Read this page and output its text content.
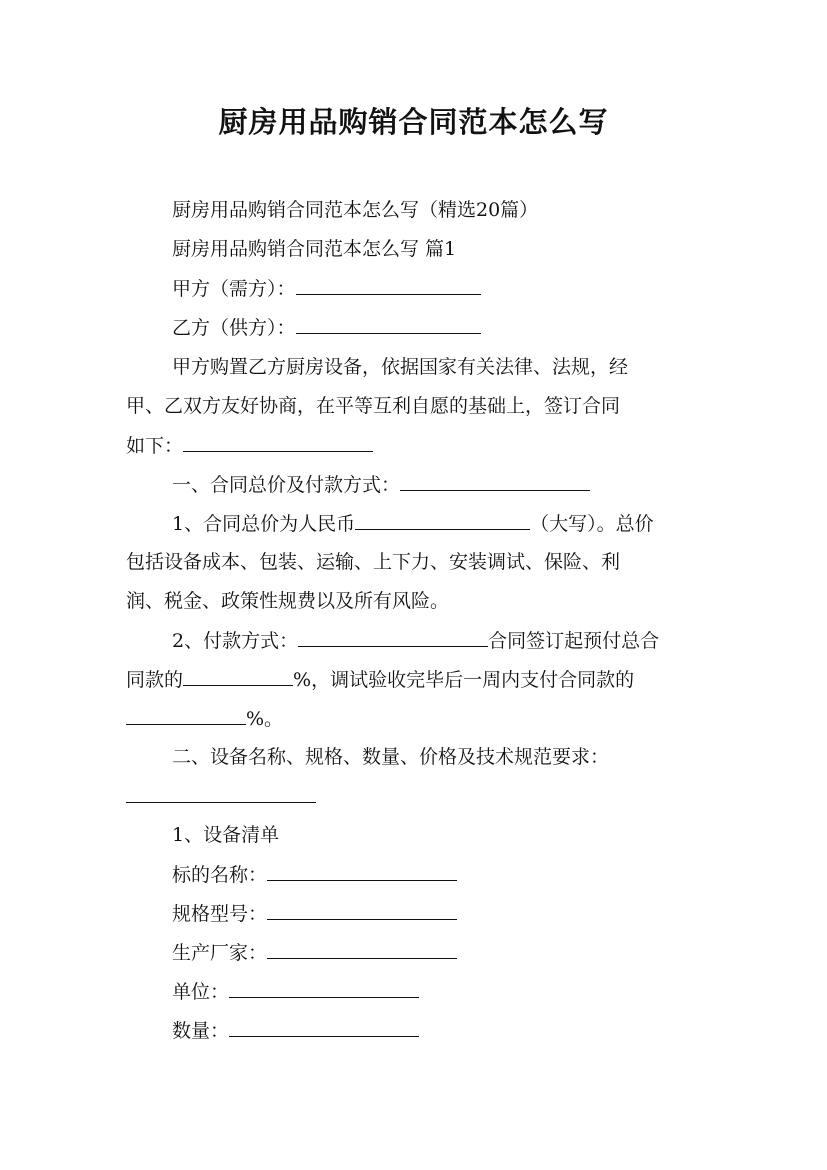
厨房用品购销合同范本怎么写
厨房用品购销合同范本怎么写（精选20篇）
厨房用品购销合同范本怎么写 篇1
甲方（需方）：
乙方（供方）：
甲方购置乙方厨房设备，依据国家有关法律、法规，经
甲、乙双方友好协商，在平等互利自愿的基础上，签订合同
如下：
一、合同总价及付款方式：
1、合同总价为人民币	（大写）。总价
包括设备成本、包装、运输、上下力、安装调试、保险、利
润、税金、政策性规费以及所有风险。
2、付款方式：	合同签订起预付总合
同款的	%，调试验收完毕后一周内支付合同款的
%。
二、设备名称、规格、数量、价格及技术规范要求：
1、设备清单
标的名称：
规格型号：
生产厂家：
单位：
数量：
